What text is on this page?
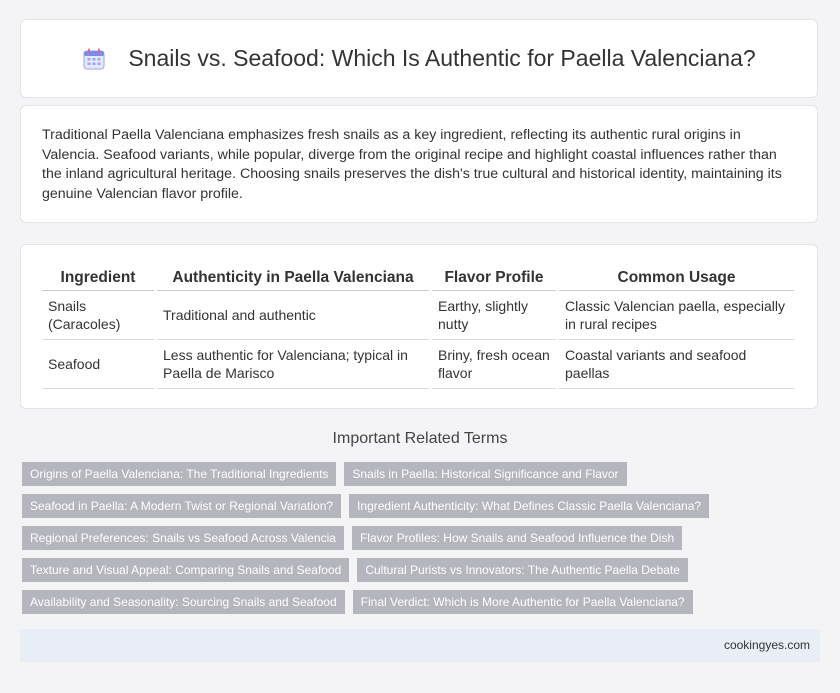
Snails vs. Seafood: Which Is Authentic for Paella Valenciana?

Traditional Paella Valenciana emphasizes fresh snails as a key ingredient, reflecting its authentic rural origins in Valencia. Seafood variants, while popular, diverge from the original recipe and highlight coastal influences rather than the inland agricultural heritage. Choosing snails preserves the dish's true cultural and historical identity, maintaining its genuine Valencian flavor profile.

Ingredient	Authenticity in Paella Valenciana	Flavor Profile	Common Usage
Snails (Caracoles)	Traditional and authentic	Earthy, slightly nutty	Classic Valencian paella, especially in rural recipes
Seafood	Less authentic for Valenciana; typical in Paella de Marisco	Briny, fresh ocean flavor	Coastal variants and seafood paellas
Important Related Terms
Origins of Paella Valenciana: The Traditional Ingredients	Snails in Paella: Historical Significance and Flavor
Seafood in Paella: A Modern Twist or Regional Variation?	Ingredient Authenticity: What Defines Classic Paella Valenciana?
Regional Preferences: Snails vs Seafood Across Valencia	Flavor Profiles: How Snails and Seafood Influence the Dish
Texture and Visual Appeal: Comparing Snails and Seafood	Cultural Purists vs Innovators: The Authentic Paella Debate
Availability and Seasonality: Sourcing Snails and Seafood	Final Verdict: Which is More Authentic for Paella Valenciana?
cookingyes.com
